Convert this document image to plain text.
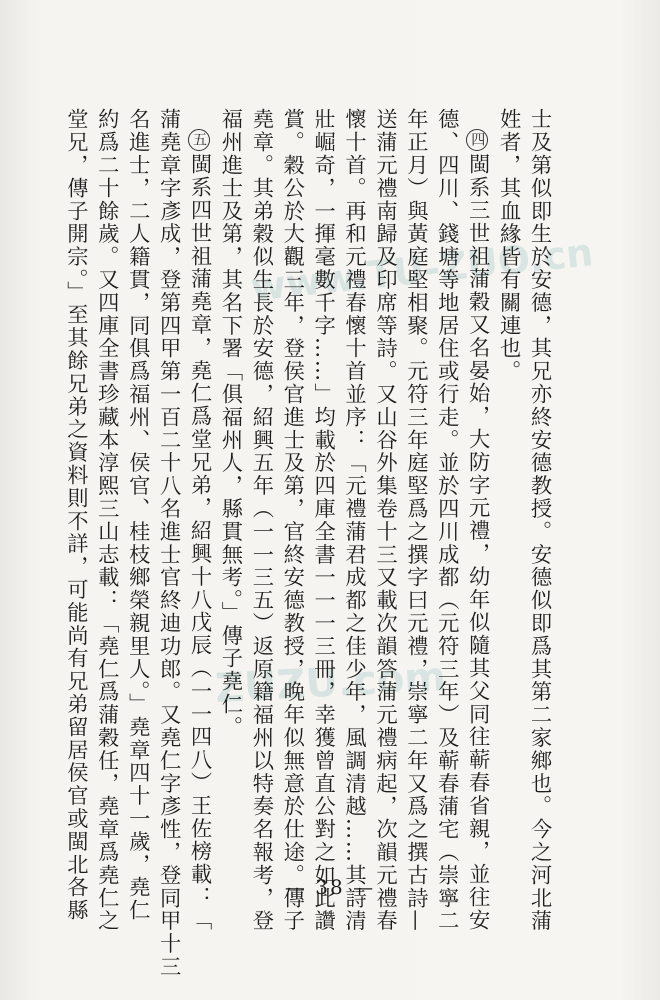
www.TU-ZUO.cn
ZUZU.com	士及第似即生於安德，其兄亦終安德教授。安德似即爲其第二家鄉也。今之河北蒲
姓者，其血緣皆有關連也。
四閩系三世祖蒲穀又名晏始，大防字元禮，幼年似隨其父同往蕲春省親，並往安
德、四川、錢塘等地居住或行走。並於四川成都（元符三年）及蕲春蒲宅（崇寧二
年正月）與黃庭堅相聚。元符三年庭堅爲之撰字曰元禮，崇寧二年又爲之撰古詩—
送蒲元禮南歸及印席等詩。又山谷外集卷十三又載次韻答蒲元禮病起，次韻元禮春
懷十首。再和元禮春懷十首並序：「元禮蒲君成都之佳少年，風調清越……其詩清
壯崛奇，一揮毫數千字……」均載於四庫全書一一一三冊，幸獲曾直公對之如此讚
賞。穀公於大觀三年，登侯官進士及第，官終安德教授，晚年似無意於仕途。傳子
堯章。其弟穀似生長於安德，紹興五年（一一三五）返原籍福州以特奏名報考，登
福州進士及第，其名下署「俱福州人，縣貫無考。」傳子堯仁。
五閩系四世祖蒲堯章，堯仁爲堂兄弟，紹興十八戊辰（一一四八）王佐榜載：「
蒲堯章字彥成，登第四甲第一百二十八名進士官終迪功郎。又堯仁字彥性，登同甲十三
名進士，二人籍貫，同俱爲福州、侯官、桂枝鄉榮親里人。」堯章四十一歲，堯仁
約爲二十餘歲。又四庫全書珍藏本淳熙三山志載：「堯仁爲蒲穀任，堯章爲堯仁之
堂兄，傳子開宗。」至其餘兄弟之資料則不詳，可能尚有兄弟留居侯官或閩北各縣	— 38 —
